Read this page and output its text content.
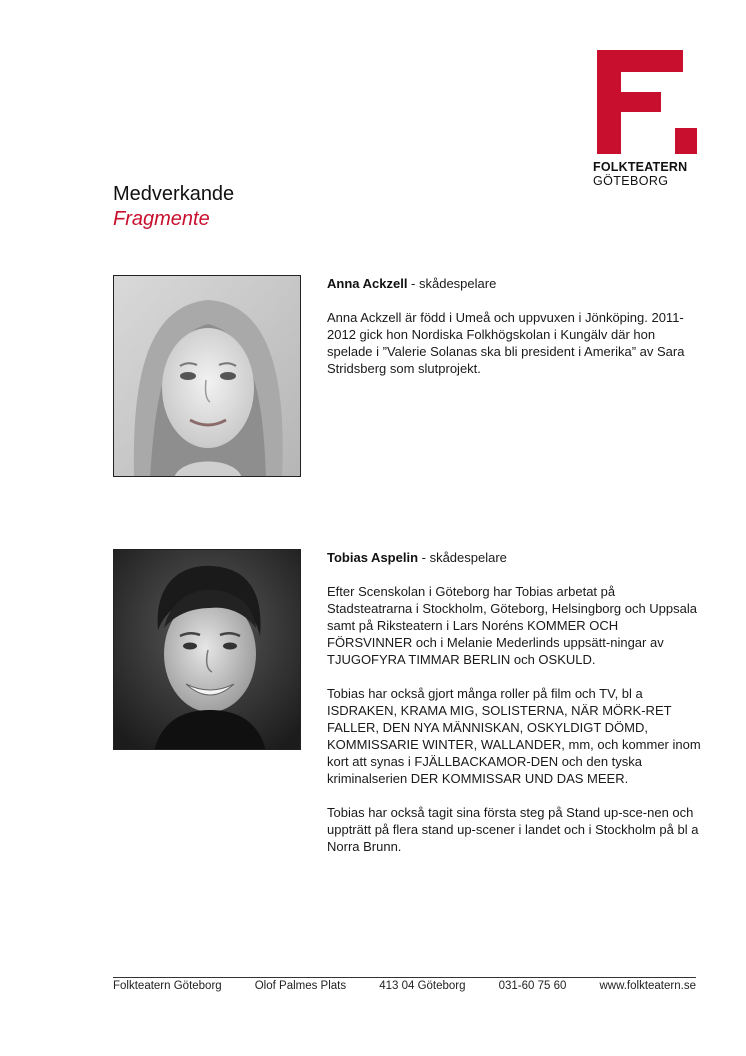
FOLKTEATERN
GÖTEBORG
Medverkande
Fragmente
Anna Ackzell - skådespelare

Anna Ackzell är född i Umeå och uppvuxen i Jönköping. 2011-2012 gick hon Nordiska Folkhögskolan i Kungälv där hon spelade i ”Valerie Solanas ska bli president i Amerika” av Sara Stridsberg som slutprojekt.

Tobias Aspelin - skådespelare

Efter Scenskolan i Göteborg har Tobias arbetat på Stadsteatrarna i Stockholm, Göteborg, Helsingborg och Uppsala samt på Riksteatern i Lars Noréns KOMMER OCH FÖRSVINNER och i Melanie Mederlinds uppsätt-ningar av TJUGOFYRA TIMMAR BERLIN och OSKULD.

Tobias har också gjort många roller på film och TV, bl a ISDRAKEN, KRAMA MIG, SOLISTERNA, NÄR MÖRK-RET FALLER, DEN NYA MÄNNISKAN, OSKYLDIGT DÖMD, KOMMISSARIE WINTER, WALLANDER, mm, och kommer inom kort att synas i FJÄLLBACKAMOR-DEN och den tyska kriminalserien DER KOMMISSAR UND DAS MEER.

Tobias har också tagit sina första steg på Stand up-sce-nen och uppträtt på flera stand up-scener i landet och i Stockholm på bl a Norra Brunn.

Folkteatern Göteborg	Olof Palmes Plats	413 04 Göteborg	031-60 75 60	www.folkteatern.se
